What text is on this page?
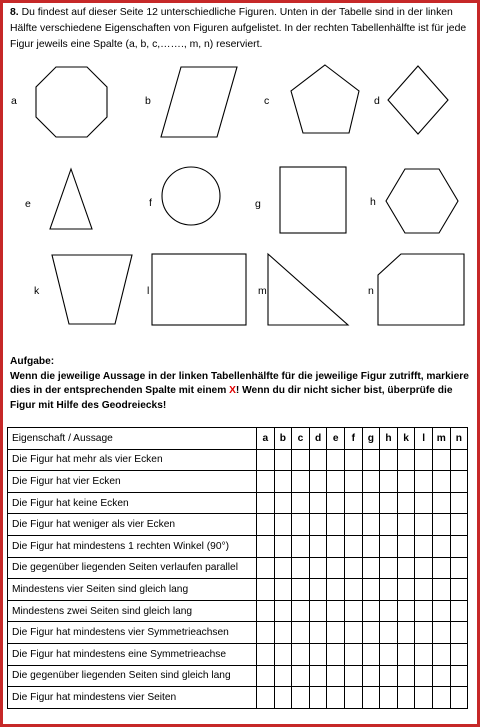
8. Du findest auf dieser Seite 12 unterschiedliche Figuren. Unten in der Tabelle sind in der linken Hälfte verschiedene Eigenschaften von Figuren aufgelistet. In der rechten Tabellenhälfte ist für jede Figur jeweils eine Spalte (a, b, c,……., m, n) reserviert.
a	b	c	d
e	f	g	h
k	l	m	n
Aufgabe:
Wenn die jeweilige Aussage in der linken Tabellenhälfte für die jeweilige Figur zutrifft, markiere dies in der entsprechenden Spalte mit einem X! Wenn du dir nicht sicher bist, überprüfe die Figur mit Hilfe des Geodreiecks!
Eigenschaft / Aussage	a	b	c	d	e	f	g	h	k	l	m	n
Die Figur hat mehr als vier Ecken												
Die Figur hat vier Ecken												
Die Figur hat keine Ecken												
Die Figur hat weniger als vier Ecken												
Die Figur hat mindestens 1 rechten Winkel (90°)												
Die gegenüber liegenden Seiten verlaufen parallel												
Mindestens vier Seiten sind gleich lang												
Mindestens zwei Seiten sind gleich lang												
Die Figur hat mindestens vier Symmetrieachsen												
Die Figur hat mindestens eine Symmetrieachse												
Die gegenüber liegenden Seiten sind gleich lang												
Die Figur hat mindestens vier Seiten												
